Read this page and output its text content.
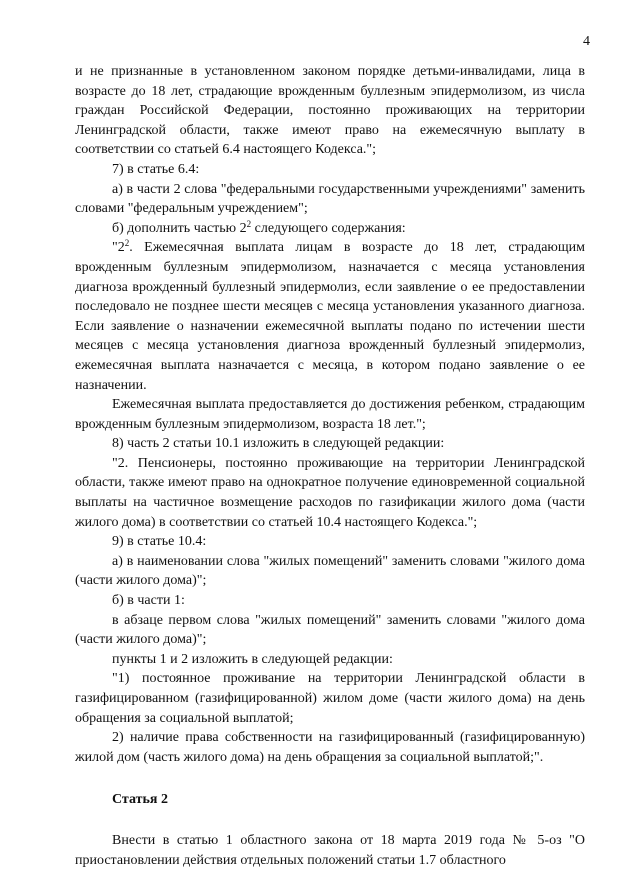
4

и не признанные в установленном законом порядке детьми-инвалидами, лица в возрасте до 18 лет, страдающие врожденным буллезным эпидермолизом, из числа граждан Российской Федерации, постоянно проживающих на территории Ленинградской области, также имеют право на ежемесячную выплату в соответствии со статьей 6.4 настоящего Кодекса.";

7) в статье 6.4:

а) в части 2 слова "федеральными государственными учреждениями" заменить словами "федеральным учреждением";

б) дополнить частью $2^2$ следующего содержания:

"$2^2$. Ежемесячная выплата лицам в возрасте до 18 лет, страдающим врожденным буллезным эпидермолизом, назначается с месяца установления диагноза врожденный буллезный эпидермолиз, если заявление о ее предоставлении последовало не позднее шести месяцев с месяца установления указанного диагноза. Если заявление о назначении ежемесячной выплаты подано по истечении шести месяцев с месяца установления диагноза врожденный буллезный эпидермолиз, ежемесячная выплата назначается с месяца, в котором подано заявление о ее назначении.

Ежемесячная выплата предоставляется до достижения ребенком, страдающим врожденным буллезным эпидермолизом, возраста 18 лет.";

8) часть 2 статьи 10.1 изложить в следующей редакции:

"2. Пенсионеры, постоянно проживающие на территории Ленинградской области, также имеют право на однократное получение единовременной социальной выплаты на частичное возмещение расходов по газификации жилого дома (части жилого дома) в соответствии со статьей 10.4 настоящего Кодекса.";

9) в статье 10.4:

а) в наименовании слова "жилых помещений" заменить словами "жилого дома (части жилого дома)";

б) в части 1:

в абзаце первом слова "жилых помещений" заменить словами "жилого дома (части жилого дома)";

пункты 1 и 2 изложить в следующей редакции:

"1) постоянное проживание на территории Ленинградской области в газифицированном (газифицированной) жилом доме (части жилого дома) на день обращения за социальной выплатой;

2) наличие права собственности на газифицированный (газифицированную) жилой дом (часть жилого дома) на день обращения за социальной выплатой;".

Статья 2

Внести в статью 1 областного закона от 18 марта 2019 года № 5-оз "О приостановлении действия отдельных положений статьи 1.7 областного
